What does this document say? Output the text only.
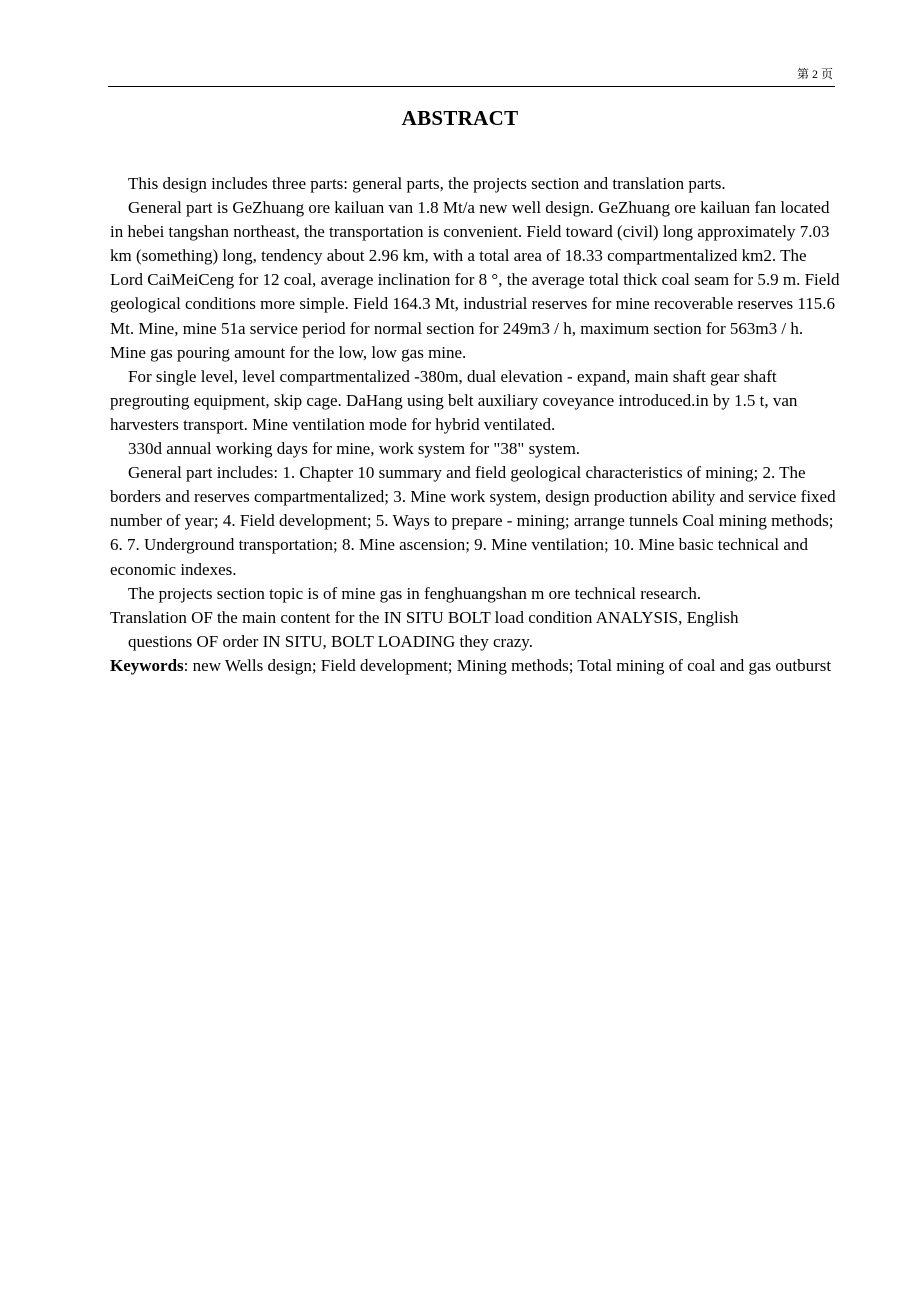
第 2 页
ABSTRACT

This design includes three parts: general parts, the projects section and translation parts.

General part is GeZhuang ore kailuan van 1.8 Mt/a new well design. GeZhuang ore kailuan fan located in hebei tangshan northeast, the transportation is convenient. Field toward (civil) long approximately 7.03 km (something) long, tendency about 2.96 km, with a total area of 18.33 compartmentalized km2. The Lord CaiMeiCeng for 12 coal, average inclination for 8 °, the average total thick coal seam for 5.9 m. Field geological conditions more simple. Field 164.3 Mt, industrial reserves for mine recoverable reserves 115.6 Mt. Mine, mine 51a service period for normal section for 249m3 / h, maximum section for 563m3 / h. Mine gas pouring amount for the low, low gas mine.

For single level, level compartmentalized -380m, dual elevation - expand, main shaft gear shaft pregrouting equipment, skip cage. DaHang using belt auxiliary coveyance introduced.in by 1.5 t, van harvesters transport. Mine ventilation mode for hybrid ventilated.

330d annual working days for mine, work system for "38" system.

General part includes: 1. Chapter 10 summary and field geological characteristics of mining; 2. The borders and reserves compartmentalized; 3. Mine work system, design production ability and service fixed number of year; 4. Field development; 5. Ways to prepare - mining; arrange tunnels Coal mining methods; 6. 7. Underground transportation; 8. Mine ascension; 9. Mine ventilation; 10. Mine basic technical and economic indexes.

The projects section topic is of mine gas in fenghuangshan m ore technical research.

Translation OF the main content for the IN SITU BOLT load condition ANALYSIS, English

questions OF order IN SITU, BOLT LOADING they crazy.

Keywords: new Wells design; Field development; Mining methods; Total mining of coal and gas outburst
